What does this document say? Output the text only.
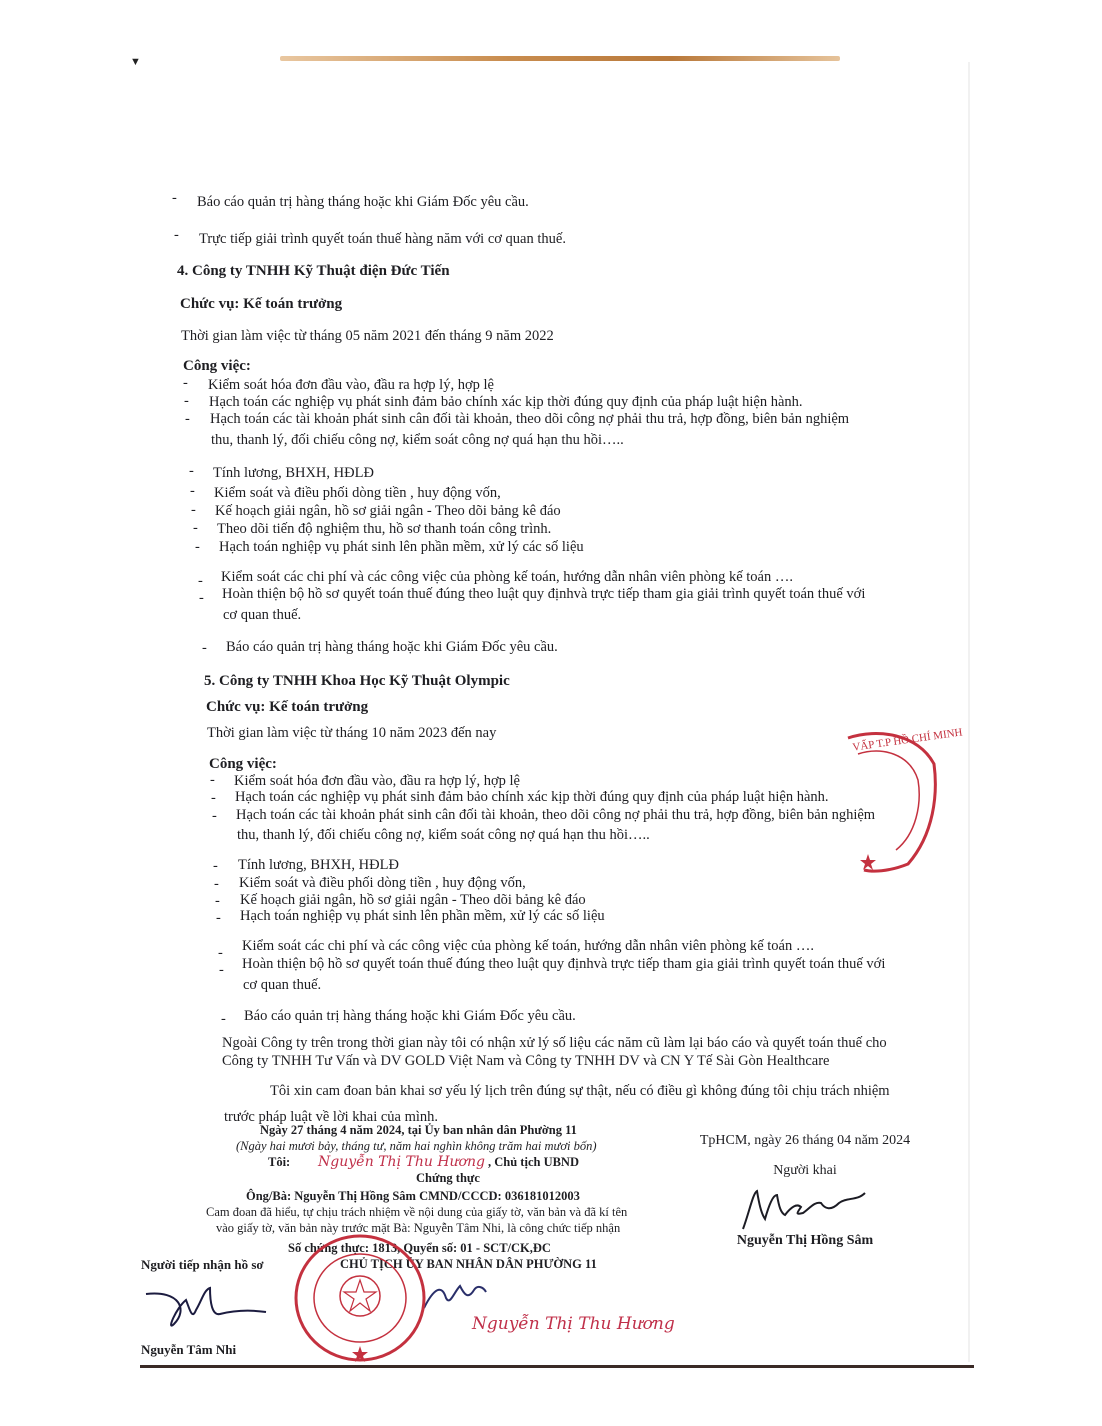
▼
- Báo cáo quản trị hàng tháng hoặc khi Giám Đốc yêu cầu.
- Trực tiếp giải trình quyết toán thuế hàng năm với cơ quan thuế.
4. Công ty TNHH Kỹ Thuật điện Đức Tiến
Chức vụ: Kế toán trưởng
Thời gian làm việc từ tháng 05 năm 2021 đến tháng 9 năm 2022
Công việc:
- Kiểm soát hóa đơn đầu vào, đầu ra hợp lý, hợp lệ
- Hạch toán các nghiệp vụ phát sinh đảm bảo chính xác kịp thời đúng quy định của pháp luật hiện hành.
- Hạch toán các tài khoản phát sinh cân đối tài khoản, theo dõi công nợ phải thu trả, hợp đồng, biên bản nghiệm
thu, thanh lý, đối chiếu công nợ, kiểm soát công nợ quá hạn thu hồi…..
- Tính lương, BHXH, HĐLĐ
- Kiểm soát và điều phối dòng tiền , huy động vốn,
- Kế hoạch giải ngân, hồ sơ giải ngân - Theo dõi bảng kê đáo
- Theo dõi tiến độ nghiệm thu, hồ sơ thanh toán công trình.
- Hạch toán nghiệp vụ phát sinh lên phần mềm, xử lý các số liệu
- Kiểm soát các chi phí và các công việc của phòng kế toán, hướng dẫn nhân viên phòng kế toán ….
- Hoàn thiện bộ hồ sơ quyết toán thuế đúng theo luật quy địnhvà trực tiếp tham gia giải trình quyết toán thuế với
cơ quan thuế.
- Báo cáo quản trị hàng tháng hoặc khi Giám Đốc yêu cầu.
5. Công ty TNHH Khoa Học Kỹ Thuật Olympic
Chức vụ: Kế toán trưởng
Thời gian làm việc từ tháng 10 năm 2023 đến nay
Công việc:
- Kiểm soát hóa đơn đầu vào, đầu ra hợp lý, hợp lệ
- Hạch toán các nghiệp vụ phát sinh đảm bảo chính xác kịp thời đúng quy định của pháp luật hiện hành.
- Hạch toán các tài khoản phát sinh cân đối tài khoản, theo dõi công nợ phải thu trả, hợp đồng, biên bản nghiệm
thu, thanh lý, đối chiếu công nợ, kiểm soát công nợ quá hạn thu hồi…..
- Tính lương, BHXH, HĐLĐ
- Kiểm soát và điều phối dòng tiền , huy động vốn,
- Kế hoạch giải ngân, hồ sơ giải ngân - Theo dõi bảng kê đáo
- Hạch toán nghiệp vụ phát sinh lên phần mềm, xử lý các số liệu
- Kiểm soát các chi phí và các công việc của phòng kế toán, hướng dẫn nhân viên phòng kế toán ….
- Hoàn thiện bộ hồ sơ quyết toán thuế đúng theo luật quy địnhvà trực tiếp tham gia giải trình quyết toán thuế với
cơ quan thuế.
- Báo cáo quản trị hàng tháng hoặc khi Giám Đốc yêu cầu.
Ngoài Công ty trên trong thời gian này tôi có nhận xử lý số liệu các năm cũ làm lại báo cáo và quyết toán thuế cho
Công ty TNHH Tư Vấn và DV GOLD Việt Nam và Công ty TNHH DV và CN Y Tế Sài Gòn Healthcare
Tôi xin cam đoan bản khai sơ yếu lý lịch trên đúng sự thật, nếu có điều gì không đúng tôi chịu trách nhiệm
trước pháp luật về lời khai của mình.
TpHCM, ngày 26 tháng 04 năm 2024
Người khai
Nguyễn Thị Hồng Sâm
Ngày 27 tháng 4 năm 2024, tại Ủy ban nhân dân Phường 11
(Ngày hai mươi bảy, tháng tư, năm hai nghìn không trăm hai mươi bốn)
Tôi: Nguyễn Thị Thu Hương , Chủ tịch UBND
Chứng thực
Ông/Bà: Nguyễn Thị Hồng Sâm CMND/CCCD: 036181012003
Cam đoan đã hiểu, tự chịu trách nhiệm về nội dung của giấy tờ, văn bản và đã kí tên
vào giấy tờ, văn bản này trước mặt Bà: Nguyễn Tâm Nhi, là công chức tiếp nhận
Số chứng thực: 1813, Quyển số: 01 - SCT/CK,ĐC
CHỦ TỊCH ỦY BAN NHÂN DÂN PHƯỜNG 11
Nguyễn Thị Thu Hương
Người tiếp nhận hồ sơ
Nguyễn Tâm Nhi
VẤP T.P HỒ CHÍ MINH
